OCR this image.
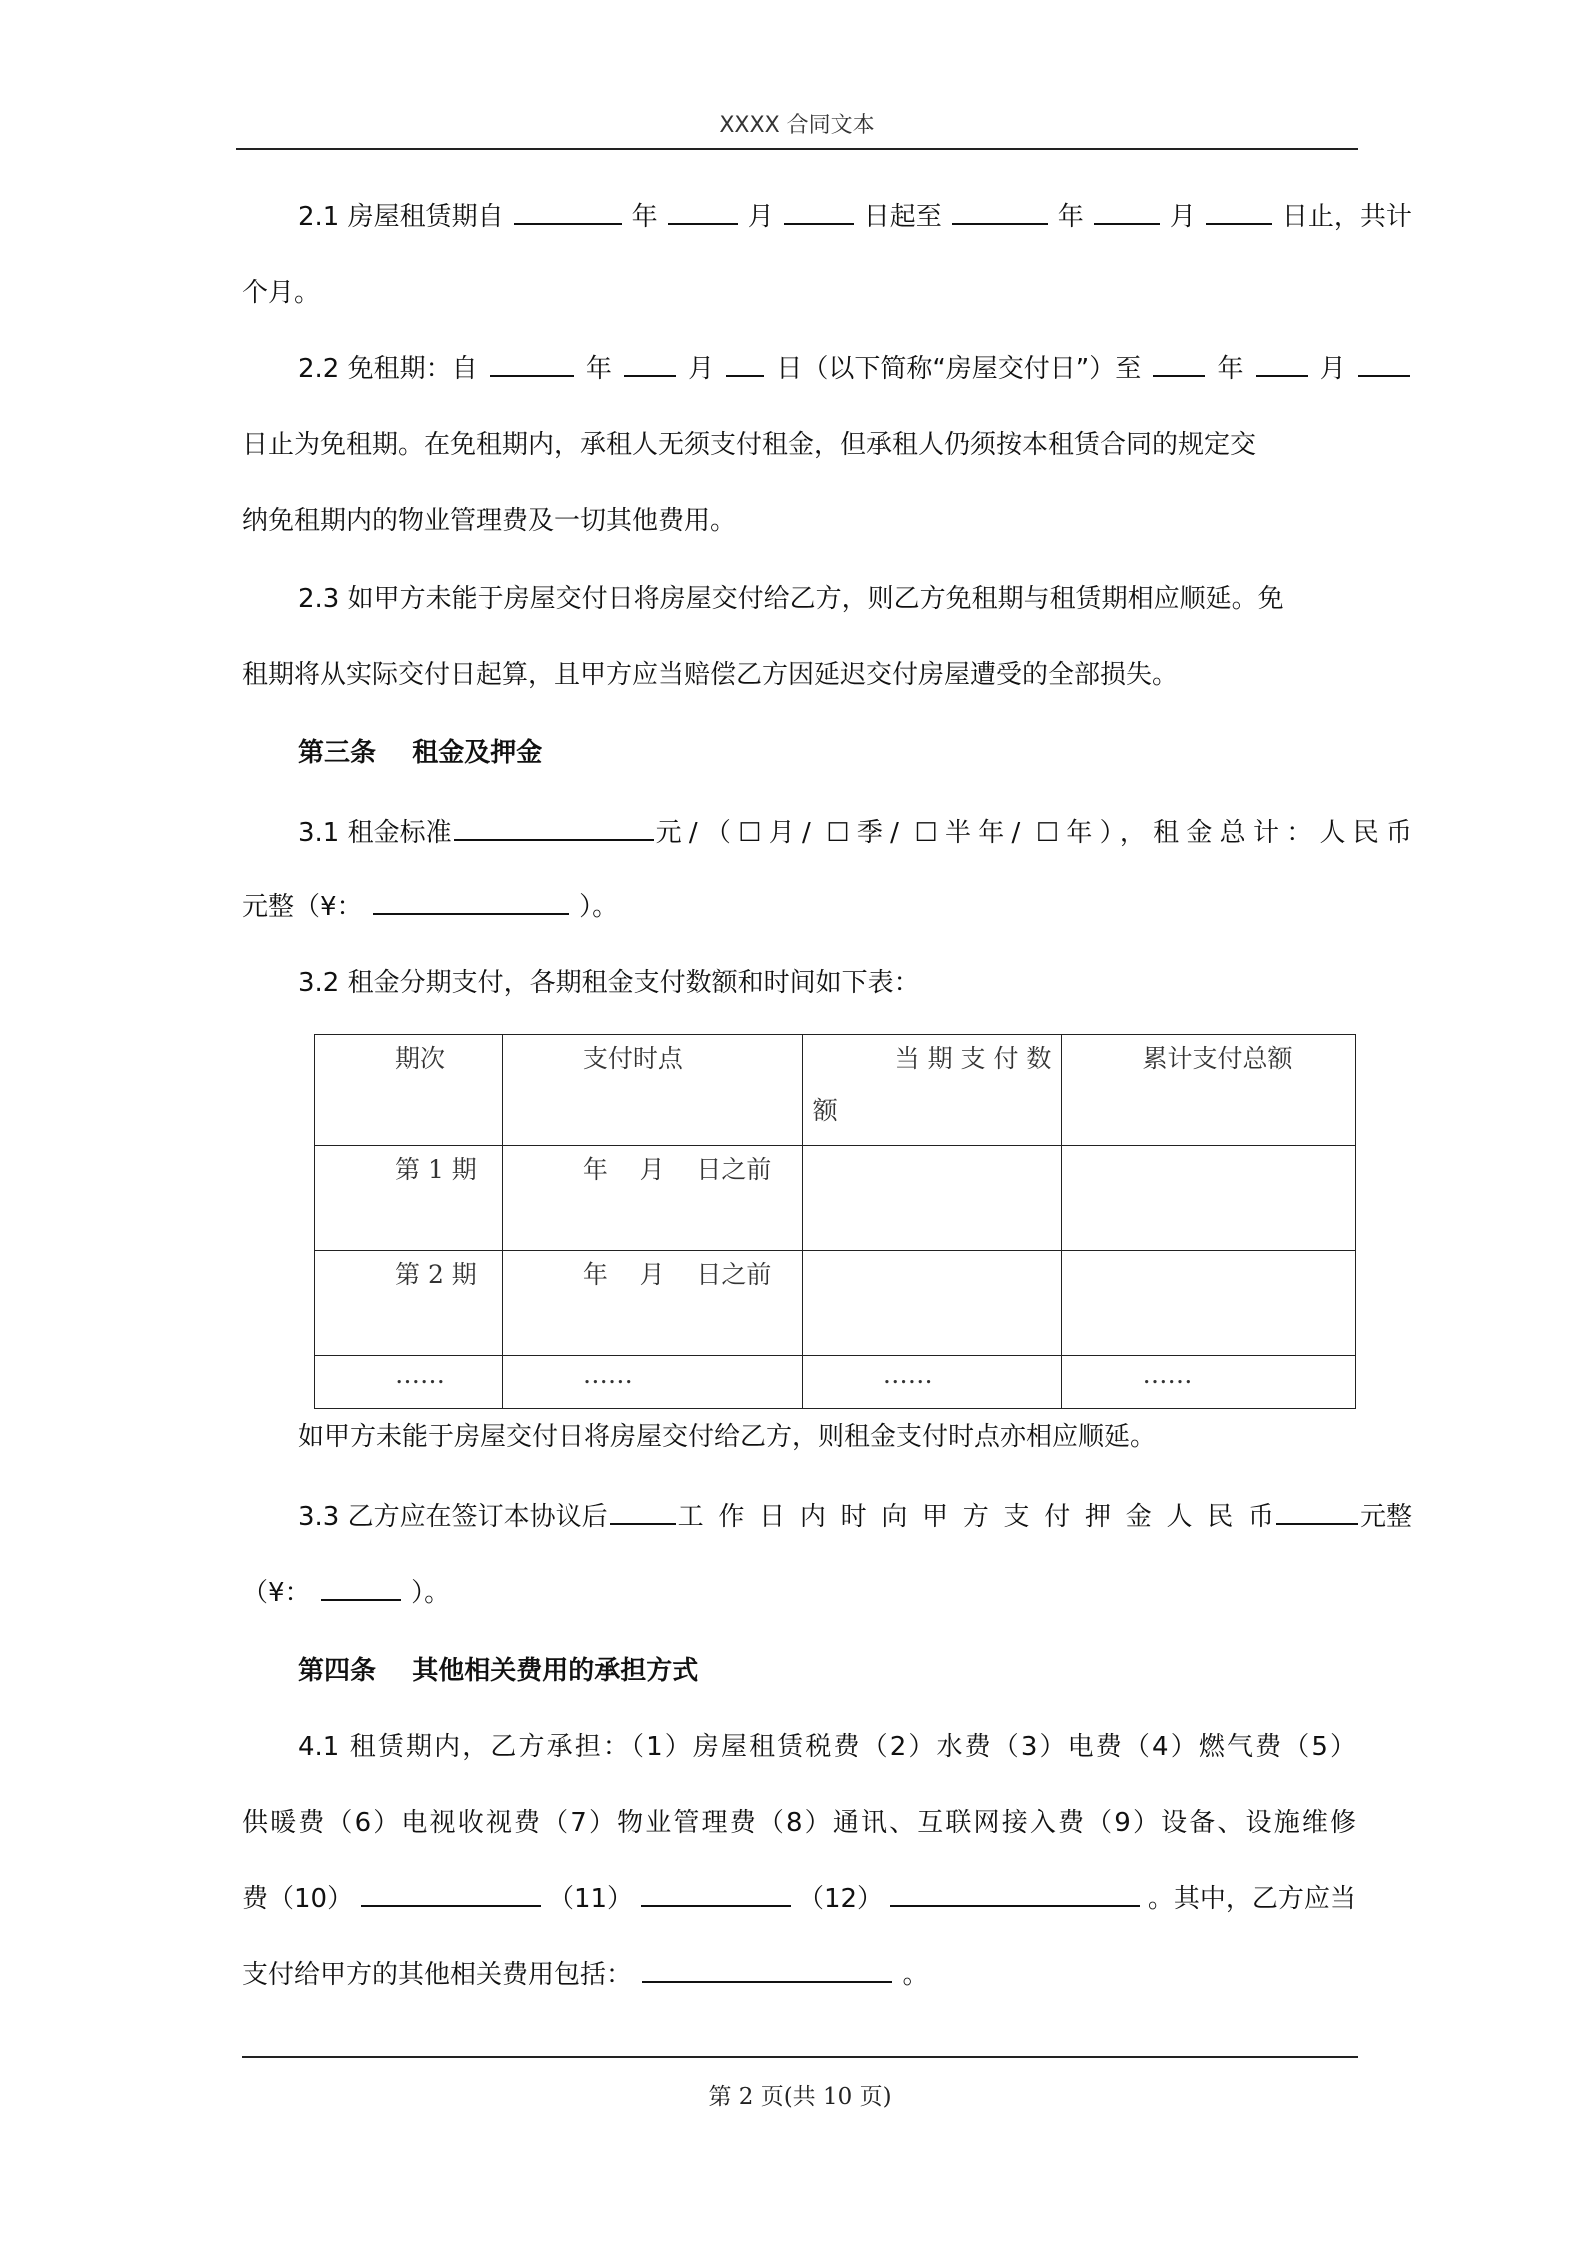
XXXX 合同文本
2.1 房屋租赁期自	年	月	日起至	年	月	日止，共计
个月。
2.2 免租期：自	年	月 日（以下简称“房屋交付日”）至	年	月
日止为免租期。在免租期内，承租人无须支付租金，但承租人仍须按本租赁合同的规定交
纳免租期内的物业管理费及一切其他费用。
2.3 如甲方未能于房屋交付日将房屋交付给乙方，则乙方免租期与租赁期相应顺延。免
租期将从实际交付日起算，且甲方应当赔偿乙方因延迟交付房屋遭受的全部损失。
第三条    租金及押金
3.1 租金标准	元/（☐月/ ☐季/ ☐半年/ ☐年），租金总计：人民币
元整（¥：	）。
3.2 租金分期支付，各期租金支付数额和时间如下表：
期次	支付时点	当 期 支 付 数
额	累计支付总额

第 1 期	年    月    日之前		

第 2 期	年    月    日之前		

……	……	……	……
如甲方未能于房屋交付日将房屋交付给乙方，则租金支付时点亦相应顺延。
3.3 乙方应在签订本协议后	工作日内时向甲方支付押金人民币	元整
（¥：	）。
第四条    其他相关费用的承担方式
4.1 租赁期内，乙方承担：（1）房屋租赁税费（2）水费（3）电费（4）燃气费（5）
供暖费（6）电视收视费（7）物业管理费（8）通讯、互联网接入费（9）设备、设施维修
费（10）	（11）	（12）	。其中，乙方应当
支付给甲方的其他相关费用包括：	。
第 2 页(共 10 页)
